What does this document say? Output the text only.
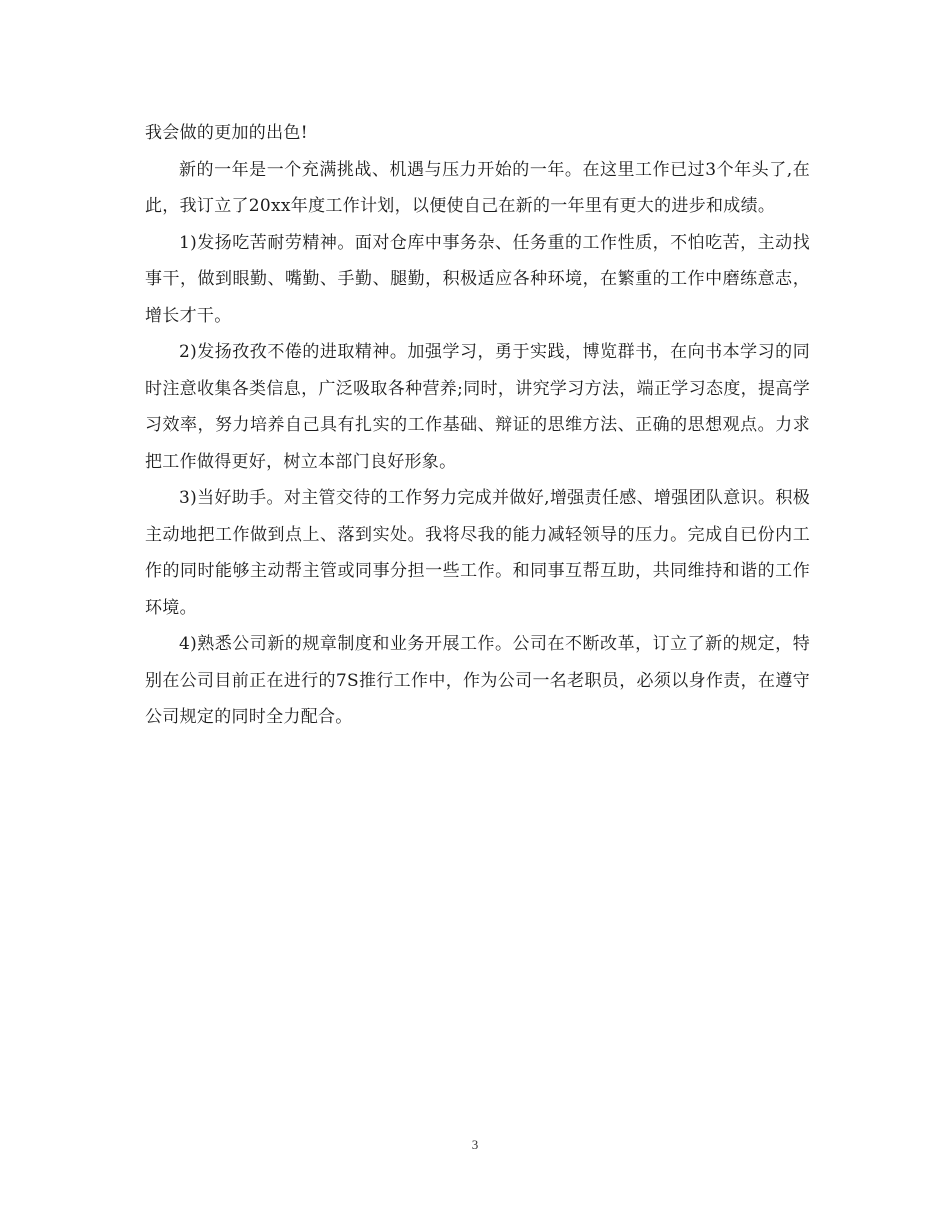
我会做的更加的出色!

新的一年是一个充满挑战、机遇与压力开始的一年。在这里工作已过3个年头了,在此，我订立了20xx年度工作计划，以便使自己在新的一年里有更大的进步和成绩。

1)发扬吃苦耐劳精神。面对仓库中事务杂、任务重的工作性质，不怕吃苦，主动找事干，做到眼勤、嘴勤、手勤、腿勤，积极适应各种环境，在繁重的工作中磨练意志，增长才干。

2)发扬孜孜不倦的进取精神。加强学习，勇于实践，博览群书，在向书本学习的同时注意收集各类信息，广泛吸取各种营养;同时，讲究学习方法，端正学习态度，提高学习效率，努力培养自己具有扎实的工作基础、辩证的思维方法、正确的思想观点。力求把工作做得更好，树立本部门良好形象。

3)当好助手。对主管交待的工作努力完成并做好,增强责任感、增强团队意识。积极主动地把工作做到点上、落到实处。我将尽我的能力减轻领导的压力。完成自已份内工作的同时能够主动帮主管或同事分担一些工作。和同事互帮互助，共同维持和谐的工作环境。

4)熟悉公司新的规章制度和业务开展工作。公司在不断改革，订立了新的规定，特别在公司目前正在进行的7S推行工作中，作为公司一名老职员，必须以身作责，在遵守公司规定的同时全力配合。

3
